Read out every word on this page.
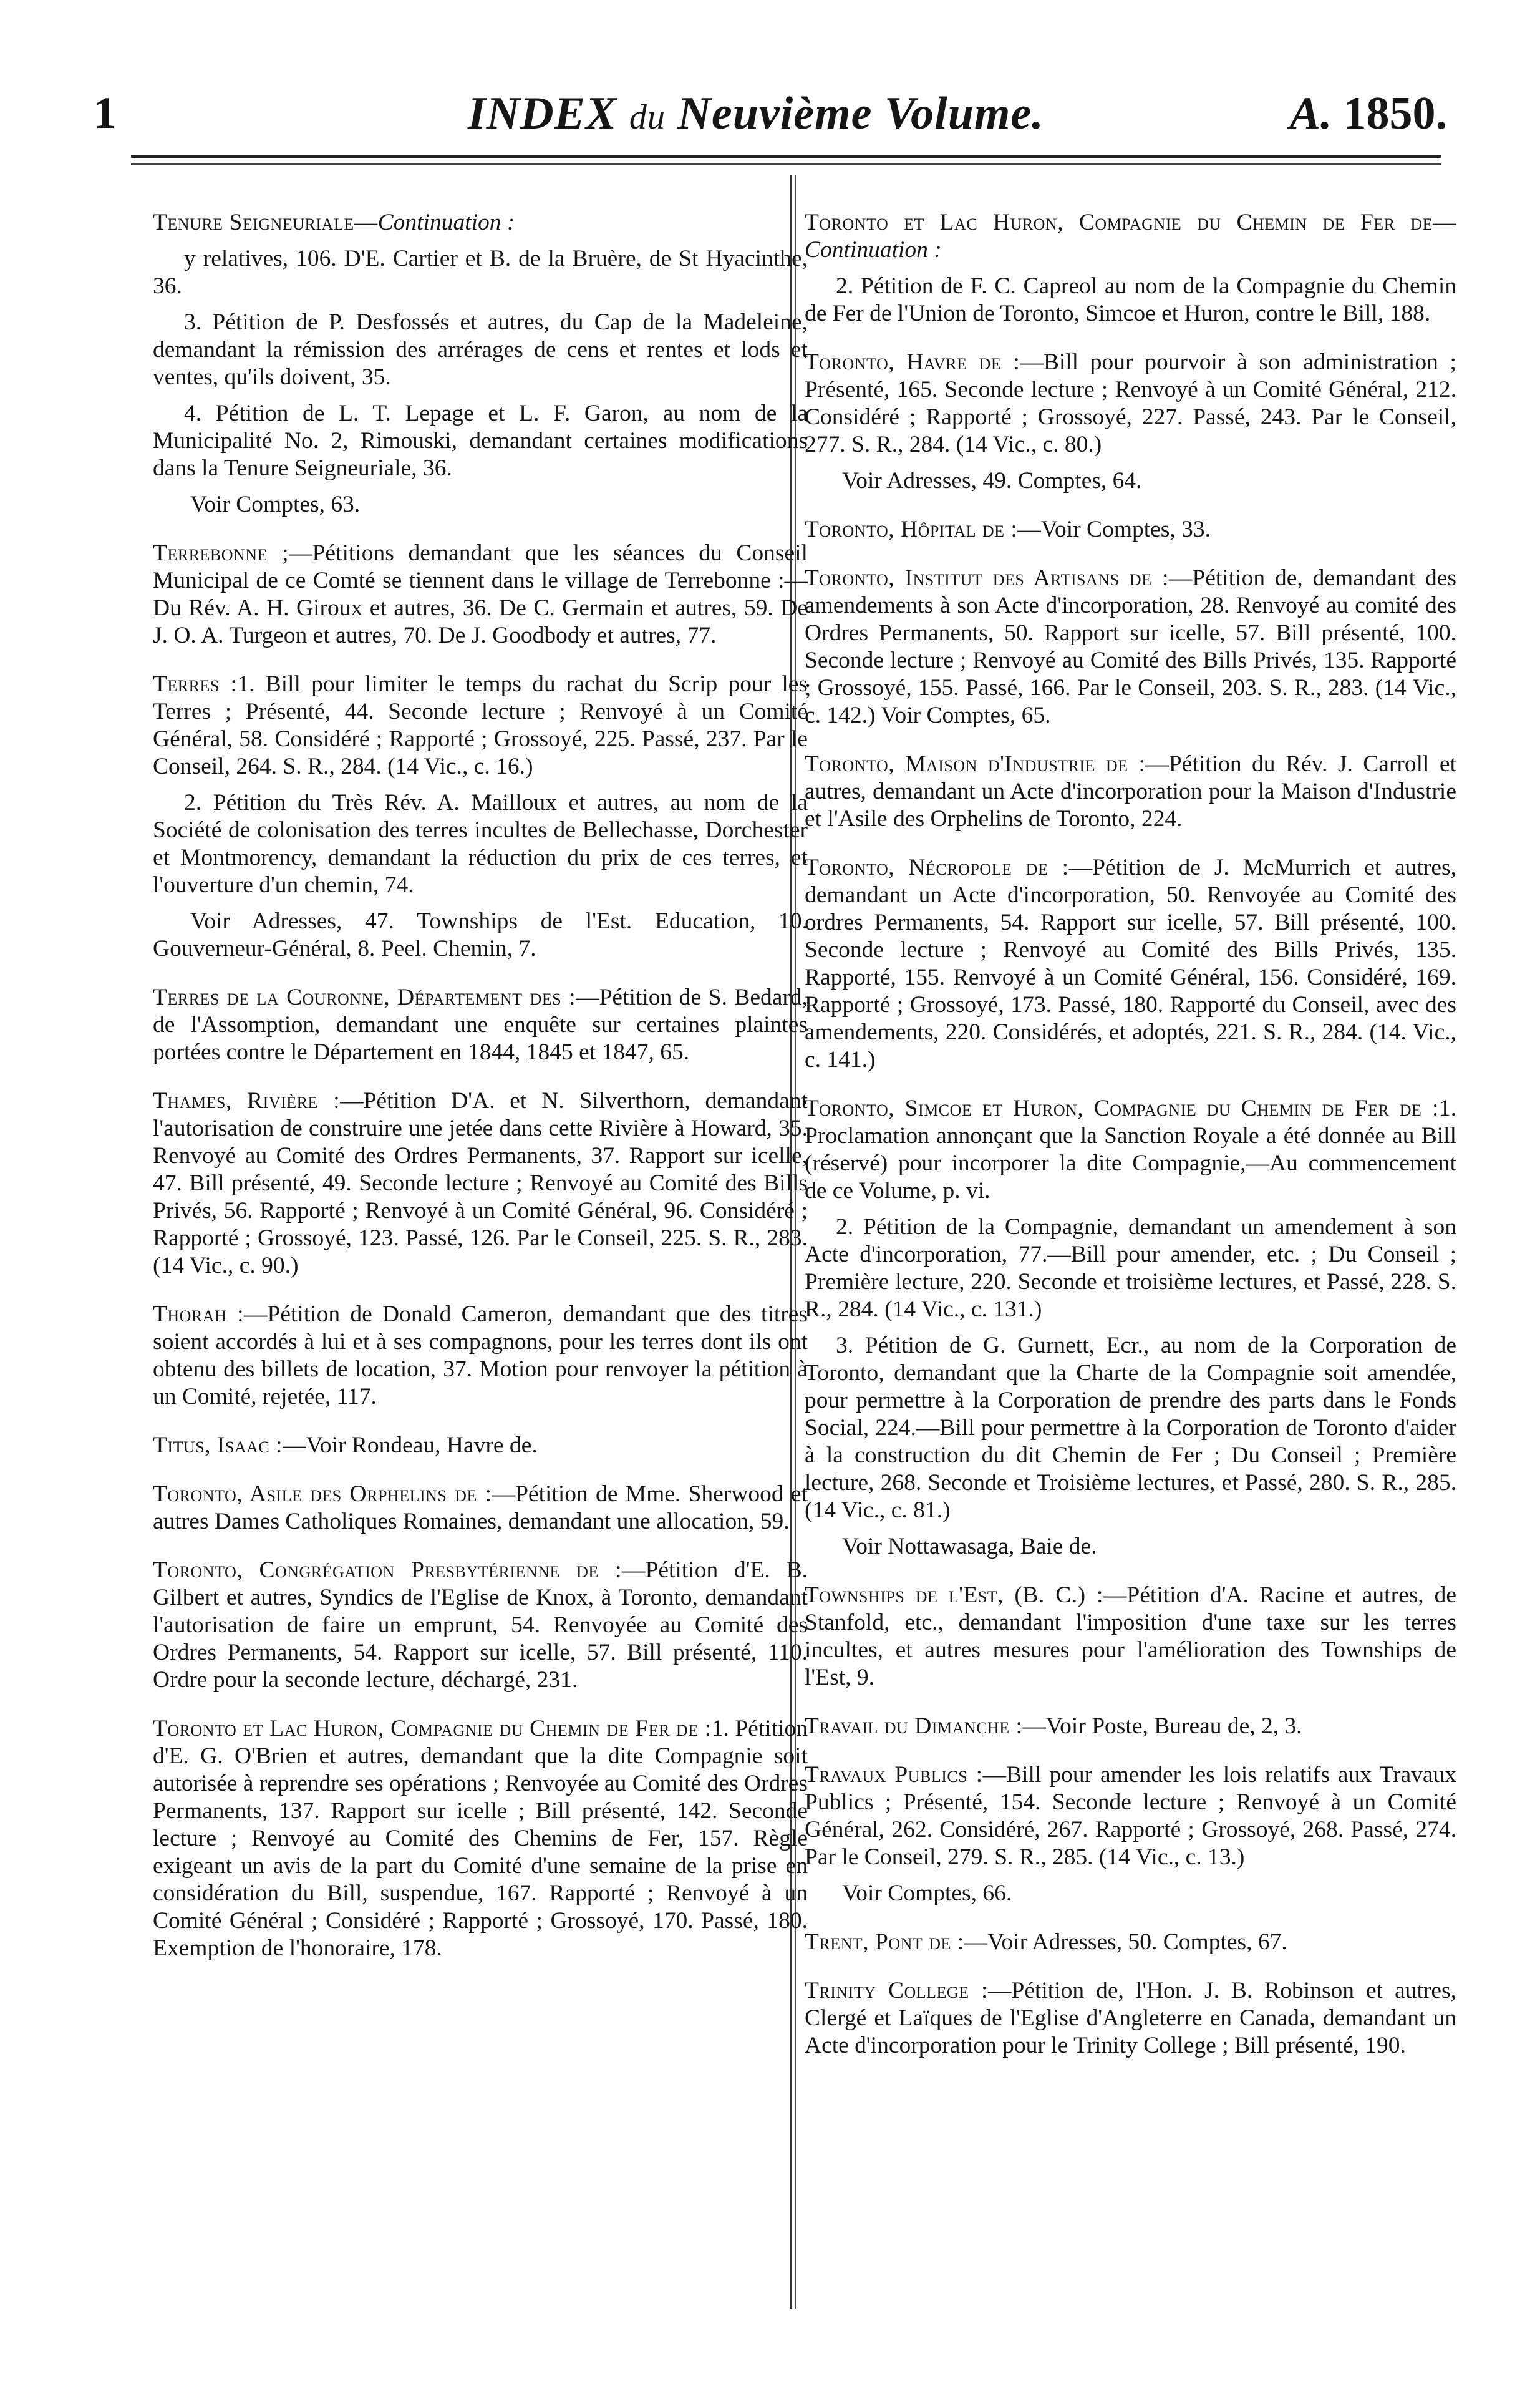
1	INDEX du Neuvième Volume.	A. 1850.

Tenure Seigneuriale—Continuation :

y relatives, 106. D'E. Cartier et B. de la Bruère, de St Hyacinthe, 36.

3. Pétition de P. Desfossés et autres, du Cap de la Madeleine, demandant la rémission des arrérages de cens et rentes et lods et ventes, qu'ils doivent, 35.

4. Pétition de L. T. Lepage et L. F. Garon, au nom de la Municipalité No. 2, Rimouski, demandant certaines modifications dans la Tenure Seigneuriale, 36.

Voir Comptes, 63.

Terrebonne ;—Pétitions demandant que les séances du Conseil Municipal de ce Comté se tiennent dans le village de Terrebonne :—Du Rév. A. H. Giroux et autres, 36. De C. Germain et autres, 59. De J. O. A. Turgeon et autres, 70. De J. Goodbody et autres, 77.

Terres :1. Bill pour limiter le temps du rachat du Scrip pour les Terres ; Présenté, 44. Seconde lecture ; Renvoyé à un Comité Général, 58. Considéré ; Rapporté ; Grossoyé, 225. Passé, 237. Par le Conseil, 264. S. R., 284. (14 Vic., c. 16.)

2. Pétition du Très Rév. A. Mailloux et autres, au nom de la Société de colonisation des terres incultes de Bellechasse, Dorchester et Montmorency, demandant la réduction du prix de ces terres, et l'ouverture d'un chemin, 74.

Voir Adresses, 47. Townships de l'Est. Education, 10. Gouverneur-Général, 8. Peel. Chemin, 7.

Terres de la Couronne, Département des :—Pétition de S. Bedard, de l'Assomption, demandant une enquête sur certaines plaintes portées contre le Département en 1844, 1845 et 1847, 65.

Thames, Rivière :—Pétition D'A. et N. Silverthorn, demandant l'autorisation de construire une jetée dans cette Rivière à Howard, 35. Renvoyé au Comité des Ordres Permanents, 37. Rapport sur icelle, 47. Bill présenté, 49. Seconde lecture ; Renvoyé au Comité des Bills Privés, 56. Rapporté ; Renvoyé à un Comité Général, 96. Considéré ; Rapporté ; Grossoyé, 123. Passé, 126. Par le Conseil, 225. S. R., 283. (14 Vic., c. 90.)

Thorah :—Pétition de Donald Cameron, demandant que des titres soient accordés à lui et à ses compagnons, pour les terres dont ils ont obtenu des billets de location, 37. Motion pour renvoyer la pétition à un Comité, rejetée, 117.

Titus, Isaac :—Voir Rondeau, Havre de.

Toronto, Asile des Orphelins de :—Pétition de Mme. Sherwood et autres Dames Catholiques Romaines, demandant une allocation, 59.

Toronto, Congrégation Presbytérienne de :—Pétition d'E. B. Gilbert et autres, Syndics de l'Eglise de Knox, à Toronto, demandant l'autorisation de faire un emprunt, 54. Renvoyée au Comité des Ordres Permanents, 54. Rapport sur icelle, 57. Bill présenté, 110. Ordre pour la seconde lecture, déchargé, 231.

Toronto et Lac Huron, Compagnie du Chemin de Fer de :1. Pétition d'E. G. O'Brien et autres, demandant que la dite Compagnie soit autorisée à reprendre ses opérations ; Renvoyée au Comité des Ordres Permanents, 137. Rapport sur icelle ; Bill présenté, 142. Seconde lecture ; Renvoyé au Comité des Chemins de Fer, 157. Règle exigeant un avis de la part du Comité d'une semaine de la prise en considération du Bill, suspendue, 167. Rapporté ; Renvoyé à un Comité Général ; Considéré ; Rapporté ; Grossoyé, 170. Passé, 180. Exemption de l'honoraire, 178.

Toronto et Lac Huron, Compagnie du Chemin de Fer de—Continuation :

2. Pétition de F. C. Capreol au nom de la Compagnie du Chemin de Fer de l'Union de Toronto, Simcoe et Huron, contre le Bill, 188.

Toronto, Havre de :—Bill pour pourvoir à son administration ; Présenté, 165. Seconde lecture ; Renvoyé à un Comité Général, 212. Considéré ; Rapporté ; Grossoyé, 227. Passé, 243. Par le Conseil, 277. S. R., 284. (14 Vic., c. 80.)

Voir Adresses, 49. Comptes, 64.

Toronto, Hôpital de :—Voir Comptes, 33.

Toronto, Institut des Artisans de :—Pétition de, demandant des amendements à son Acte d'incorporation, 28. Renvoyé au comité des Ordres Permanents, 50. Rapport sur icelle, 57. Bill présenté, 100. Seconde lecture ; Renvoyé au Comité des Bills Privés, 135. Rapporté ; Grossoyé, 155. Passé, 166. Par le Conseil, 203. S. R., 283. (14 Vic., c. 142.) Voir Comptes, 65.

Toronto, Maison d'Industrie de :—Pétition du Rév. J. Carroll et autres, demandant un Acte d'incorporation pour la Maison d'Industrie et l'Asile des Orphelins de Toronto, 224.

Toronto, Nécropole de :—Pétition de J. McMurrich et autres, demandant un Acte d'incorporation, 50. Renvoyée au Comité des ordres Permanents, 54. Rapport sur icelle, 57. Bill présenté, 100. Seconde lecture ; Renvoyé au Comité des Bills Privés, 135. Rapporté, 155. Renvoyé à un Comité Général, 156. Considéré, 169. Rapporté ; Grossoyé, 173. Passé, 180. Rapporté du Conseil, avec des amendements, 220. Considérés, et adoptés, 221. S. R., 284. (14. Vic., c. 141.)

Toronto, Simcoe et Huron, Compagnie du Chemin de Fer de :1. Proclamation annonçant que la Sanction Royale a été donnée au Bill (réservé) pour incorporer la dite Compagnie,—Au commencement de ce Volume, p. vi.

2. Pétition de la Compagnie, demandant un amendement à son Acte d'incorporation, 77.—Bill pour amender, etc. ; Du Conseil ; Première lecture, 220. Seconde et troisième lectures, et Passé, 228. S. R., 284. (14 Vic., c. 131.)

3. Pétition de G. Gurnett, Ecr., au nom de la Corporation de Toronto, demandant que la Charte de la Compagnie soit amendée, pour permettre à la Corporation de prendre des parts dans le Fonds Social, 224.—Bill pour permettre à la Corporation de Toronto d'aider à la construction du dit Chemin de Fer ; Du Conseil ; Première lecture, 268. Seconde et Troisième lectures, et Passé, 280. S. R., 285. (14 Vic., c. 81.)

Voir Nottawasaga, Baie de.

Townships de l'Est, (B. C.) :—Pétition d'A. Racine et autres, de Stanfold, etc., demandant l'imposition d'une taxe sur les terres incultes, et autres mesures pour l'amélioration des Townships de l'Est, 9.

Travail du Dimanche :—Voir Poste, Bureau de, 2, 3.

Travaux Publics :—Bill pour amender les lois relatifs aux Travaux Publics ; Présenté, 154. Seconde lecture ; Renvoyé à un Comité Général, 262. Considéré, 267. Rapporté ; Grossoyé, 268. Passé, 274. Par le Conseil, 279. S. R., 285. (14 Vic., c. 13.)

Voir Comptes, 66.

Trent, Pont de :—Voir Adresses, 50. Comptes, 67.

Trinity College :—Pétition de, l'Hon. J. B. Robinson et autres, Clergé et Laïques de l'Eglise d'Angleterre en Canada, demandant un Acte d'incorporation pour le Trinity College ; Bill présenté, 190.
